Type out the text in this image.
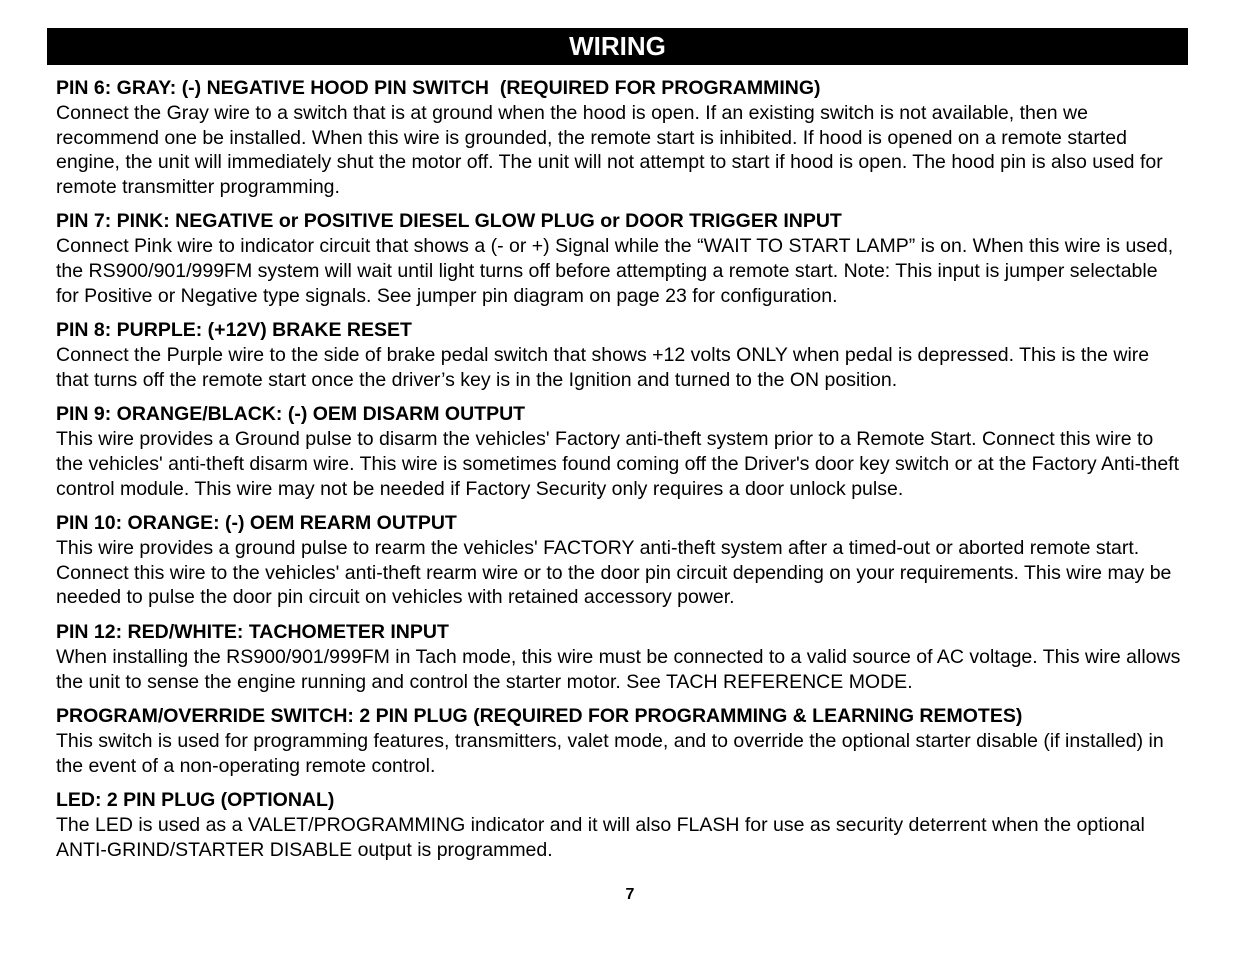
WIRING
PIN 6: GRAY: (-) NEGATIVE HOOD PIN SWITCH  (REQUIRED FOR PROGRAMMING)
Connect the Gray wire to a switch that is at ground when the hood is open. If an existing switch is not available, then we recommend one be installed. When this wire is grounded, the remote start is inhibited. If hood is opened on a remote started engine, the unit will immediately shut the motor off. The unit will not attempt to start if hood is open. The hood pin is also used for remote transmitter programming.
PIN 7: PINK: NEGATIVE or POSITIVE DIESEL GLOW PLUG or DOOR TRIGGER INPUT
Connect Pink wire to indicator circuit that shows a (- or +) Signal while the “WAIT TO START LAMP” is on. When this wire is used, the RS900/901/999FM system will wait until light turns off before attempting a remote start. Note: This input is jumper selectable for Positive or Negative type signals. See jumper pin diagram on page 23 for configuration.
PIN 8: PURPLE: (+12V) BRAKE RESET
Connect the Purple wire to the side of brake pedal switch that shows +12 volts ONLY when pedal is depressed. This is the wire that turns off the remote start once the driver’s key is in the Ignition and turned to the ON position.
PIN 9: ORANGE/BLACK: (-) OEM DISARM OUTPUT
This wire provides a Ground pulse to disarm the vehicles' Factory anti-theft system prior to a Remote Start. Connect this wire to the vehicles' anti-theft disarm wire. This wire is sometimes found coming off the Driver's door key switch or at the Factory Anti-theft control module. This wire may not be needed if Factory Security only requires a door unlock pulse.
PIN 10: ORANGE: (-) OEM REARM OUTPUT
This wire provides a ground pulse to rearm the vehicles' FACTORY anti-theft system after a timed-out or aborted remote start. Connect this wire to the vehicles' anti-theft rearm wire or to the door pin circuit depending on your requirements. This wire may be needed to pulse the door pin circuit on vehicles with retained accessory power.
PIN 12: RED/WHITE: TACHOMETER INPUT
When installing the RS900/901/999FM in Tach mode, this wire must be connected to a valid source of AC voltage. This wire allows the unit to sense the engine running and control the starter motor. See TACH REFERENCE MODE.
PROGRAM/OVERRIDE SWITCH: 2 PIN PLUG (REQUIRED FOR PROGRAMMING & LEARNING REMOTES)
This switch is used for programming features, transmitters, valet mode, and to override the optional starter disable (if installed) in the event of a non-operating remote control.
LED: 2 PIN PLUG (OPTIONAL)
The LED is used as a VALET/PROGRAMMING indicator and it will also FLASH for use as security deterrent when the optional ANTI-GRIND/STARTER DISABLE output is programmed.
7
